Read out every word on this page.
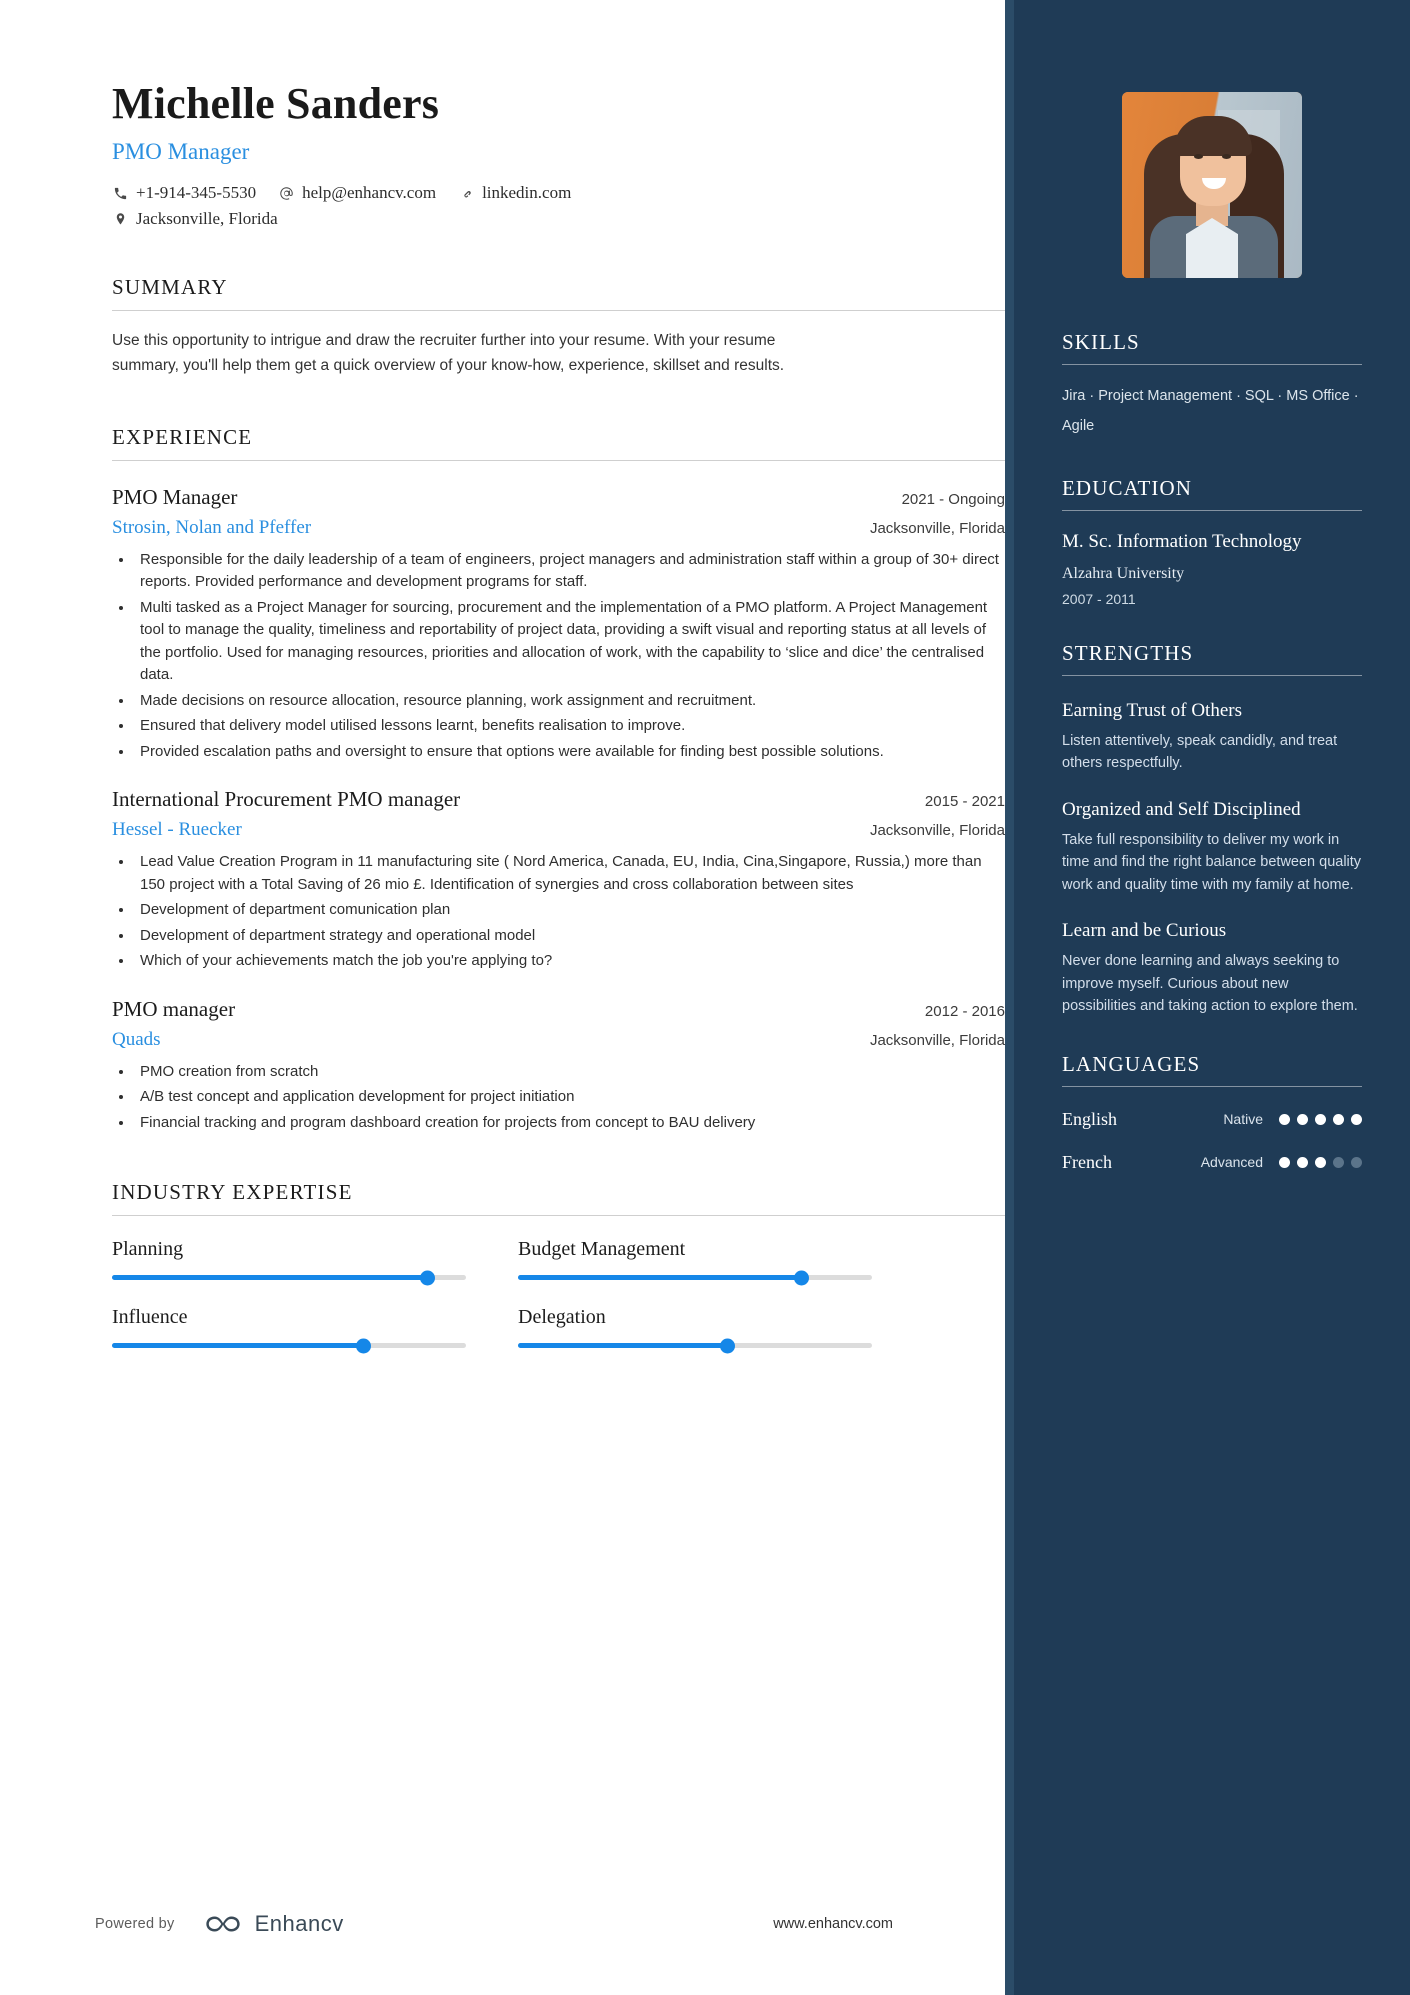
Michelle Sanders
PMO Manager
+1-914-345-5530	help@enhancv.com	linkedin.com
Jacksonville, Florida
SUMMARY
Use this opportunity to intrigue and draw the recruiter further into your resume. With your resume summary, you'll help them get a quick overview of your know-how, experience, skillset and results.
EXPERIENCE
PMO Manager	2021 - Ongoing
Strosin, Nolan and Pfeffer	Jacksonville, Florida
• Responsible for the daily leadership of a team of engineers, project managers and administration staff within a group of 30+ direct reports. Provided performance and development programs for staff.
• Multi tasked as a Project Manager for sourcing, procurement and the implementation of a PMO platform. A Project Management tool to manage the quality, timeliness and reportability of project data, providing a swift visual and reporting status at all levels of the portfolio. Used for managing resources, priorities and allocation of work, with the capability to ‘slice and dice’ the centralised data.
• Made decisions on resource allocation, resource planning, work assignment and recruitment.
• Ensured that delivery model utilised lessons learnt, benefits realisation to improve.
• Provided escalation paths and oversight to ensure that options were available for finding best possible solutions.
International Procurement PMO manager	2015 - 2021
Hessel - Ruecker	Jacksonville, Florida
• Lead Value Creation Program in 11 manufacturing site ( Nord America, Canada, EU, India, Cina,Singapore, Russia,) more than 150 project with a Total Saving of 26 mio £. Identification of synergies and cross collaboration between sites
• Development of department comunication plan
• Development of department strategy and operational model
• Which of your achievements match the job you're applying to?
PMO manager	2012 - 2016
Quads	Jacksonville, Florida
• PMO creation from scratch
• A/B test concept and application development for project initiation
• Financial tracking and program dashboard creation for projects from concept to BAU delivery
INDUSTRY EXPERTISE
Planning	Budget Management
Influence	Delegation
Powered by	Enhancv	www.enhancv.com
SKILLS
Jira · Project Management · SQL · MS Office · Agile
EDUCATION
M. Sc. Information Technology
Alzahra University
2007 - 2011
STRENGTHS
Earning Trust of Others
Listen attentively, speak candidly, and treat others respectfully.
Organized and Self Disciplined
Take full responsibility to deliver my work in time and find the right balance between quality work and quality time with my family at home.
Learn and be Curious
Never done learning and always seeking to improve myself. Curious about new possibilities and taking action to explore them.
LANGUAGES
English	Native
French	Advanced
